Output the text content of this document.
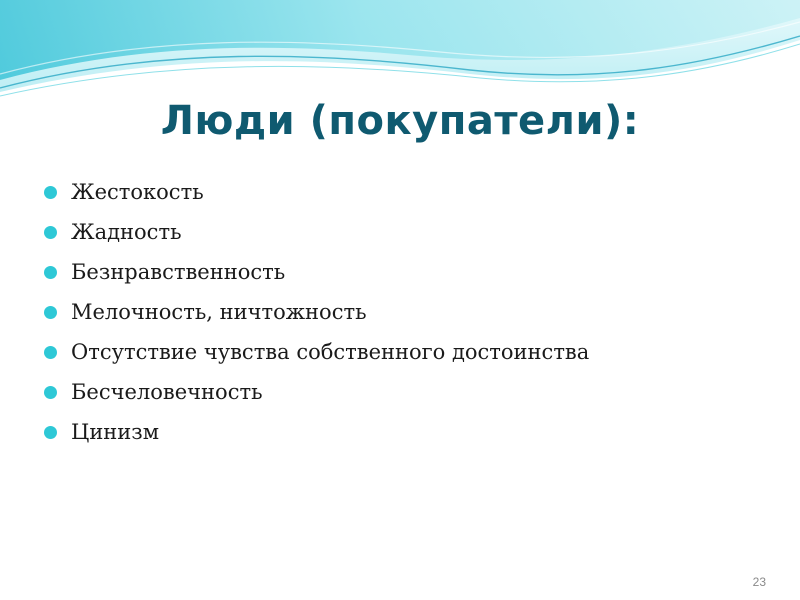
Люди (покупатели):
Жестокость
Жадность
Безнравственность
Мелочность, ничтожность
Отсутствие чувства собственного достоинства
Бесчеловечность
Цинизм
23
